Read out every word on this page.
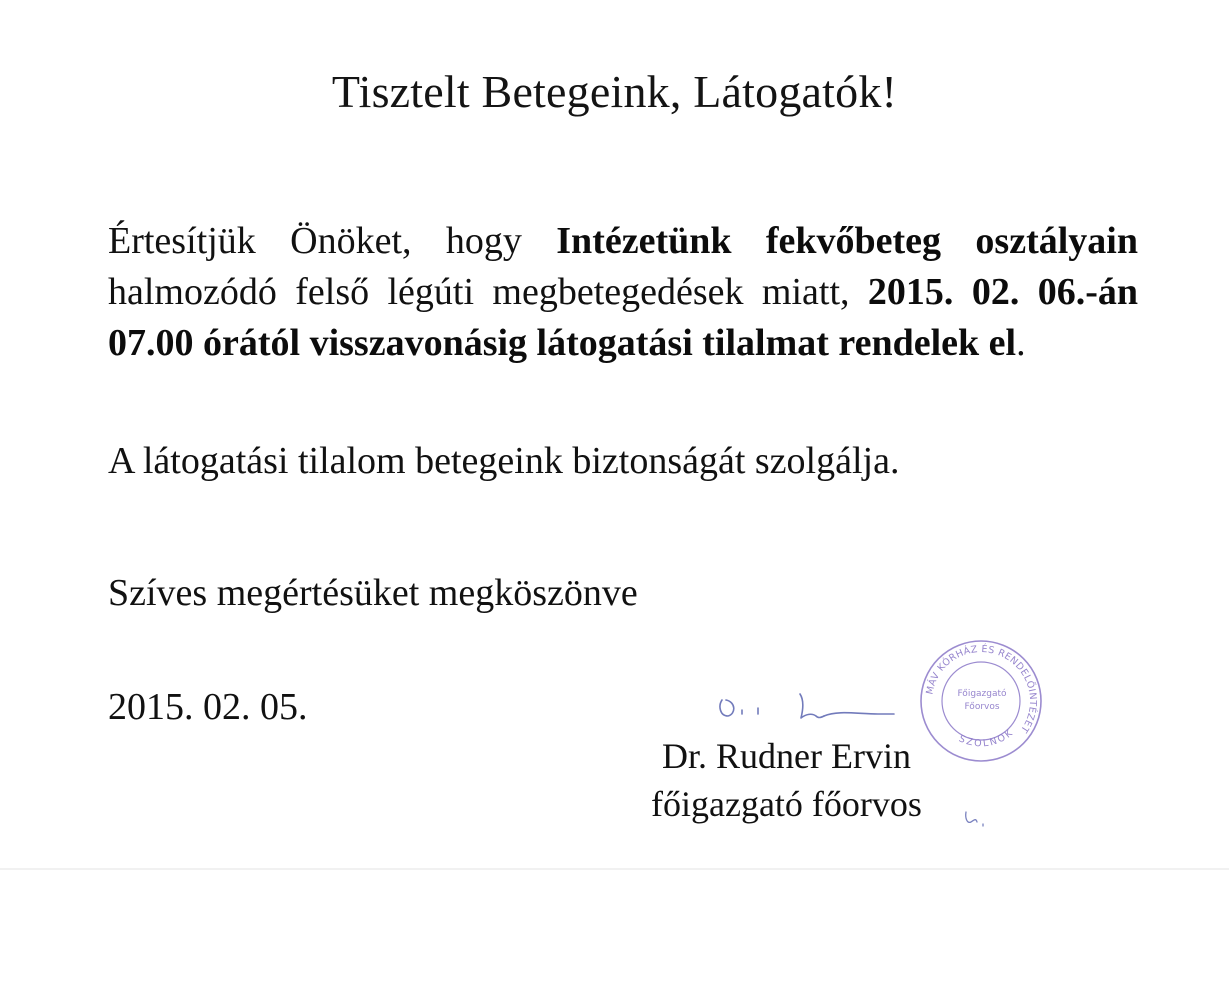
Tisztelt Betegeink, Látogatók!
Értesítjük Önöket, hogy Intézetünk fekvőbeteg osztályain halmozódó felső légúti megbetegedések miatt, 2015. 02. 06.-án 07.00 órától visszavonásig látogatási tilalmat rendelek el.
A látogatási tilalom betegeink biztonságát szolgálja.
Szíves megértésüket megköszönve
2015. 02. 05.
Dr. Rudner Ervin
főigazgató főorvos
MÁV KÓRHÁZ ÉS RENDELŐINTÉZET
SZOLNOK
Főigazgató
Főorvos
